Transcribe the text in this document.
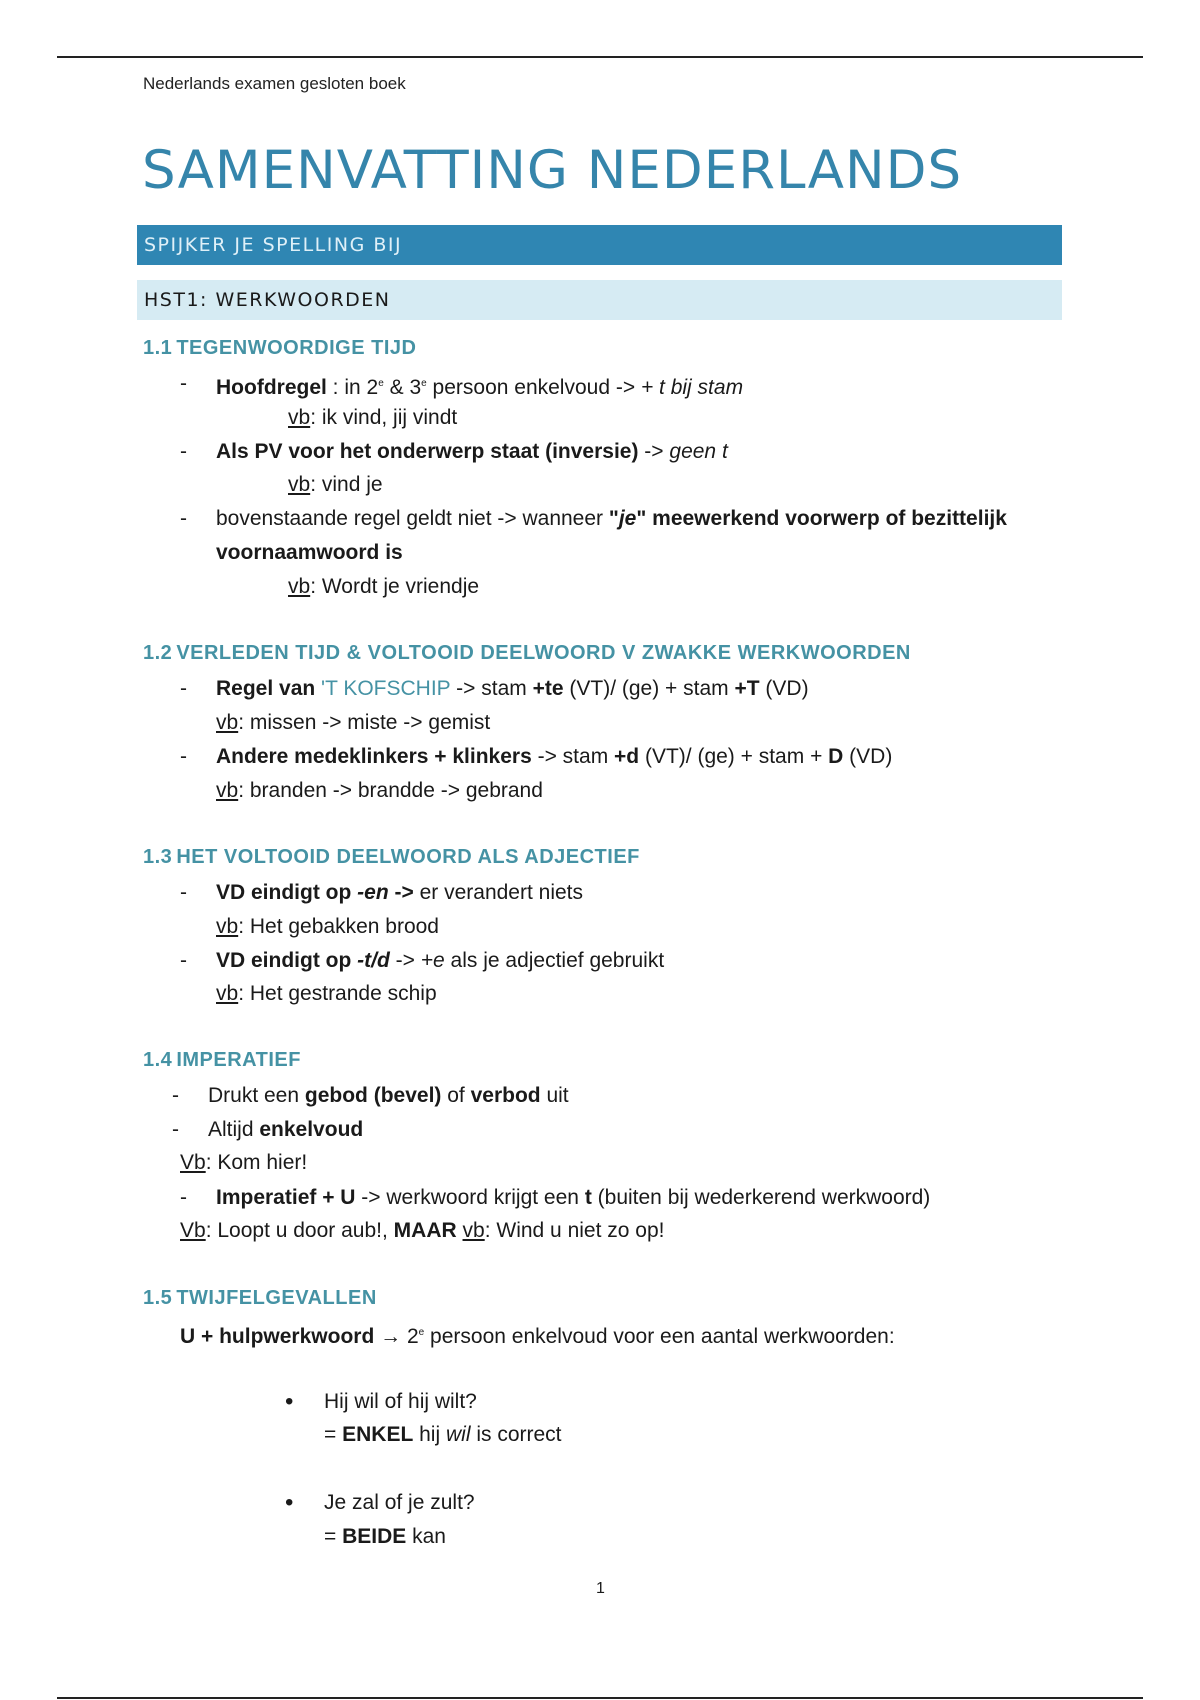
Nederlands examen gesloten boek
SAMENVATTING NEDERLANDS
SPIJKER JE SPELLING BIJ
HST1: WERKWOORDEN
1.1 TEGENWOORDIGE TIJD
- Hoofdregel : in 2e & 3e persoon enkelvoud -> + t bij stam
vb: ik vind, jij vindt
- Als PV voor het onderwerp staat (inversie) -> geen t
vb: vind je
- bovenstaande regel geldt niet -> wanneer "je" meewerkend voorwerp of bezittelijk
voornaamwoord is
vb: Wordt je vriendje
1.2 VERLEDEN TIJD & VOLTOOID DEELWOORD V ZWAKKE WERKWOORDEN
- Regel van 'T KOFSCHIP -> stam +te (VT)/ (ge) + stam +T (VD)
vb: missen -> miste -> gemist
- Andere medeklinkers + klinkers -> stam +d (VT)/ (ge) + stam + D (VD)
vb: branden -> brandde -> gebrand
1.3 HET VOLTOOID DEELWOORD ALS ADJECTIEF
- VD eindigt op -en -> er verandert niets
vb: Het gebakken brood
- VD eindigt op -t/d -> +e als je adjectief gebruikt
vb: Het gestrande schip
1.4 IMPERATIEF
- Drukt een gebod (bevel) of verbod uit
- Altijd enkelvoud
Vb: Kom hier!
- Imperatief + U -> werkwoord krijgt een t (buiten bij wederkerend werkwoord)
Vb: Loopt u door aub!, MAAR vb: Wind u niet zo op!
1.5 TWIJFELGEVALLEN
U + hulpwerkwoord → $2^e$ persoon enkelvoud voor een aantal werkwoorden:
• Hij wil of hij wilt?
= ENKEL hij wil is correct
• Je zal of je zult?
= BEIDE kan
1
